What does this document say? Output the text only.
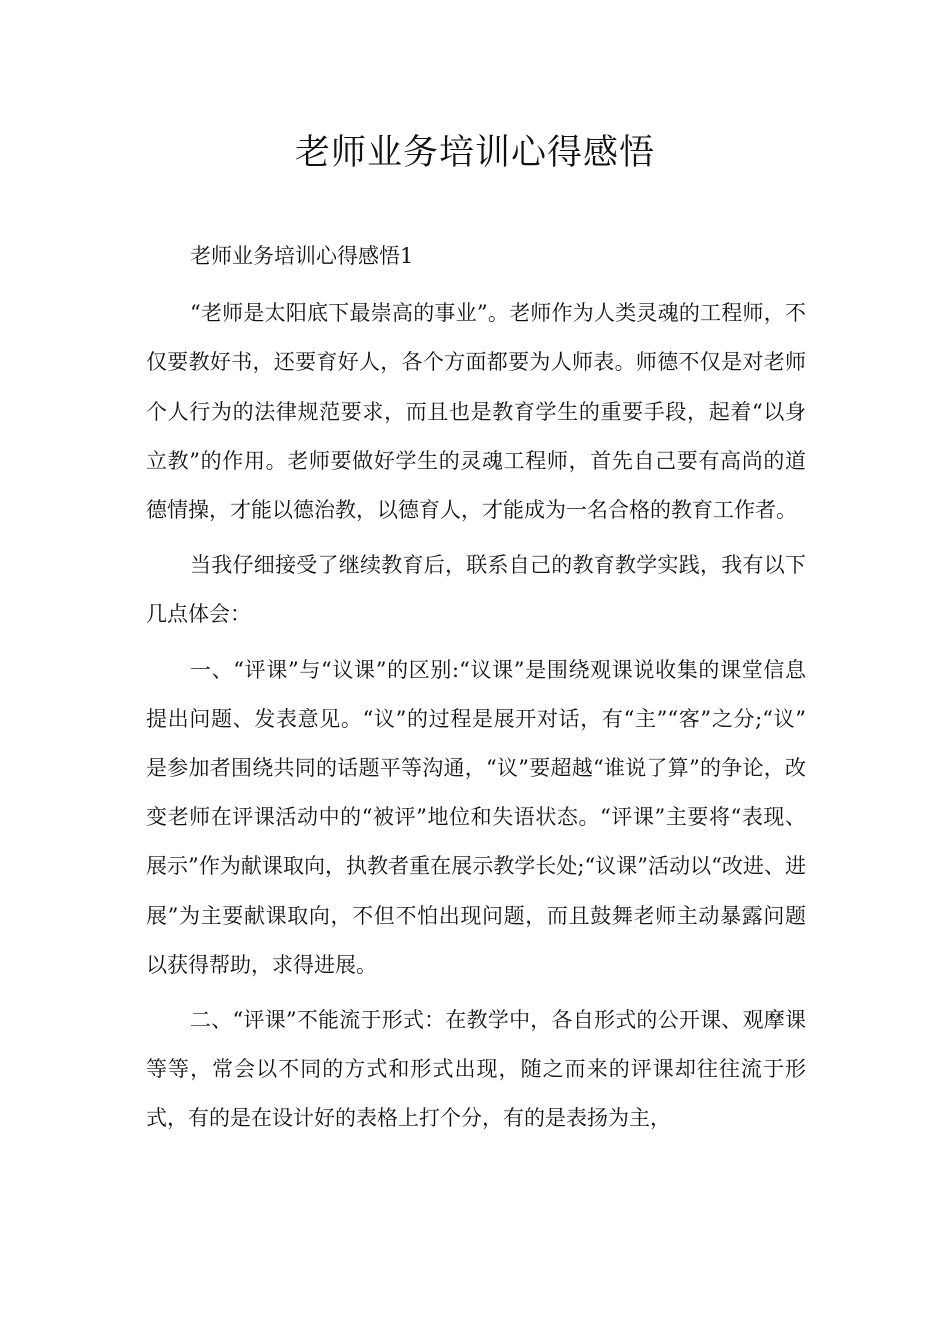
老师业务培训心得感悟

老师业务培训心得感悟1

“老师是太阳底下最崇高的事业”。老师作为人类灵魂的工程师，不仅要教好书，还要育好人，各个方面都要为人师表。师德不仅是对老师个人行为的法律规范要求，而且也是教育学生的重要手段，起着“以身立教”的作用。老师要做好学生的灵魂工程师，首先自己要有高尚的道德情操，才能以德治教，以德育人，才能成为一名合格的教育工作者。

当我仔细接受了继续教育后，联系自己的教育教学实践，我有以下几点体会：

一、“评课”与“议课”的区别:“议课”是围绕观课说收集的课堂信息提出问题、发表意见。“议”的过程是展开对话，有“主”“客”之分;“议” 是参加者围绕共同的话题平等沟通，“议”要超越“谁说了算”的争论，改变老师在评课活动中的“被评”地位和失语状态。“评课”主要将“表现、展示”作为献课取向，执教者重在展示教学长处;“议课”活动以“改进、进展”为主要献课取向，不但不怕出现问题，而且鼓舞老师主动暴露问题以获得帮助，求得进展。

二、“评课”不能流于形式：在教学中，各自形式的公开课、观摩课等等，常会以不同的方式和形式出现，随之而来的评课却往往流于形式，有的是在设计好的表格上打个分，有的是表扬为主，
